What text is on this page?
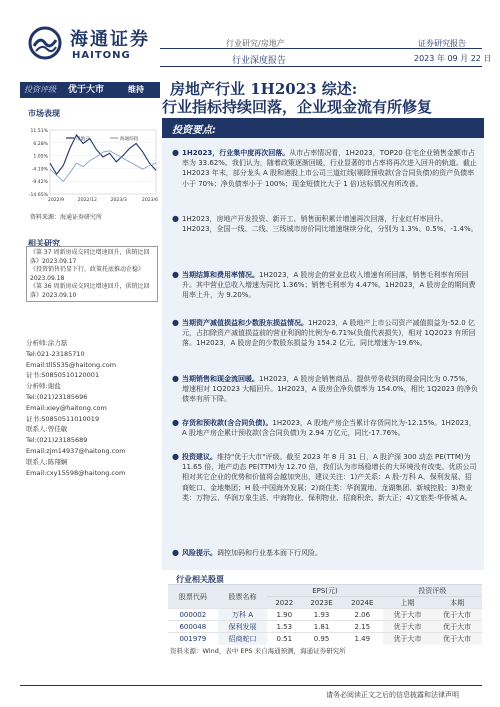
海通证券
HAITONG
行业研究/房地产
行业深度报告
证券研究报告
2023 年 09 月 22 日
投资评级 优于大市	维持 房地产行业 1H2023 综述:
行业指标持续回落，企业现金流有所修复
市场表现
11.51%
6.28%
1.05%
-4.19%
-9.42%
-14.65%
2022/9	2022/12	2023/3	2023/6
房地产	海通综指
资料来源：海通证券研究所
相关研究
《第 37 周新房成交同比增速回升，供销比回落》2023.09.17
《投资销售仍显下行，政策托底推动企稳》2023.09.18
《第 36 周新房成交同比增速回升，供销比回落》2023.09.10
分析师:涂力磊
Tel:021-23185710
Email:tll5535@haitong.com
证书:S0850510120001
分析师:谢盐
Tel:(021)23185696
Email:xiey@haitong.com
证书:S0850511010019
联系人:曾佳敏
Tel:(021)23185689
Email:zjm14937@haitong.com
联系人:陈翔娴
Email:cxy15598@haitong.com
投资要点:
● 1H2023，行业集中度再次回落。从市占率情况看，1H2023，TOP20 住宅企业销售金额市占率为 33.62%。我们认为，随着政策逐渐回暖，行业显著的市占率将再次进入回升的轨道。截止 1H2023 年末，部分龙头 A 股和港股上市公司三道红线(剔除预收款(含合同负债)的资产负债率小于 70%；净负债率小于 100%；现金短债比大于 1 倍)达标情况有所改善。
● 1H2023，房地产开发投资、新开工、销售面积累计增速再次回落，行业红杆率回升。1H2023，全国一线、二线、三线城市房价同比增速继续分化，分别为 1.3%、0.5%、-1.4%。
● 当期结算和费用率情况。1H2023，A 股房企的营业总收入增速有所回落，销售毛利率有所回升。其中营业总收入增速为同比 1.36%；销售毛利率为 4.47%。1H2023，A 股房企的期间费用率上升，为 9.20%。
● 当期资产减值损益和少数股东损益情况。1H2023，A 股地产上市公司资产减值损益为-52.0 亿元，占扣除资产减值损益前的营业利润的比例为-6.71%(负值代表损失)，相对 1Q2023 有所回落。1H2023，A 股房企的少数股东损益为 154.2 亿元，同比增速为-19.6%。
● 当期销售和现金流回暖。1H2023，A 股房企销售商品、提供劳务收到的现金同比为 0.75%，增速相对 1Q2023 大幅回升。1H2023，A 股房企净负债率为 154.0%，相比 1Q2023 的净负债率有所下降。
● 存货和预收款(含合同负债)。1H2023，A 股地产房企当累计存货同比为-12.15%。1H2023，A 股地产房企累计预收款(含合同负债)为 2.94 万亿元，同比-17.76%。
● 投资建议。维持"优于大市"评级。截至 2023 年 8 月 31 日，A 股沪深 300 动态 PE(TTM)为 11.65 倍，地产动态 PE(TTM)为 12.70 倍，我们认为市场稳增长的大环境没有改变。优质公司相对其它企业的优势和价值将会越加突出，建议关注：1)产关系：A 股-万科 A、保利发展、招商蛇口、金地集团；H 股-中国海外发展；2)商住类：华润置地、龙湖集团、新城控股；3)物业类：万物云、华润万象生活、中海物业、保利物业、招商积余、新大正；4)文旅类-华侨城 A。
● 风险提示。调控加码和行业基本面下行风险。
行业相关股票
股票代码	股票名称	EPS(元)			投资评级	
		2022	2023E	2024E	上期	本期
000002	万科 A	1.90	1.93	2.06	优于大市	优于大市
600048	保利发展	1.53	1.81	2.15	优于大市	优于大市
001979	招商蛇口	0.51	0.95	1.49	优于大市	优于大市
资料来源：Wind，表中 EPS 来自海通预测，海通证券研究所
请务必阅读正文之后的信息披露和法律声明
